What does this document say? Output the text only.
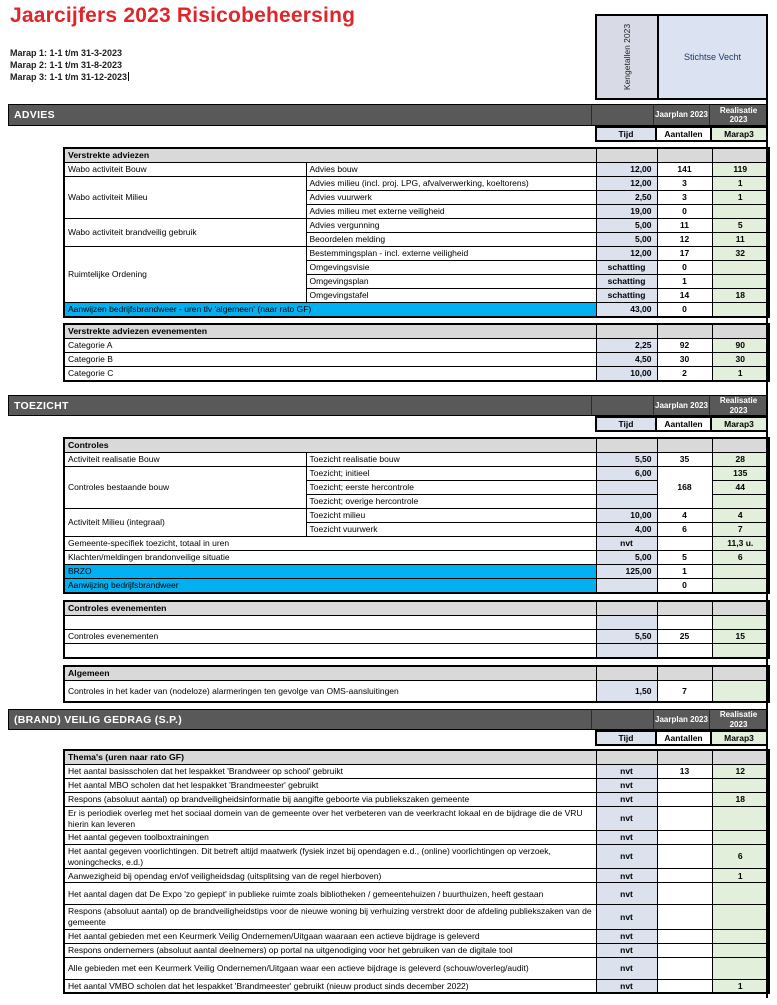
Jaarcijfers 2023 Risicobeheersing
Marap 1: 1-1 t/m 31-3-2023
Marap 2: 1-1 t/m 31-8-2023
Marap 3: 1-1 t/m 31-12-2023	Kengetallen 2023	Stichtse Vecht
ADVIES	Jaarplan 2023
Realisatie 2023
Tijd	Aantallen	Marap3
Verstrekte adviezen				
Wabo activiteit Bouw	Advies bouw	12,00	141	119
Wabo activiteit Milieu	Advies milieu (incl. proj. LPG, afvalverwerking, koeltorens)	12,00	3	1
	Advies vuurwerk	2,50	3	1
	Advies milieu met externe veiligheid	19,00	0	
Wabo activiteit brandveilig gebruik	Advies vergunning	5,00	11	5
	Beoordelen melding	5,00	12	11
Ruimtelijke Ordening	Bestemmingsplan - incl. externe veiligheid	12,00	17	32
	Omgevingsvisie	schatting	0	
	Omgevingsplan	schatting	1	
	Omgevingstafel	schatting	14	18
Aanwijzen bedrijfsbrandweer - uren tlv 'algemeen' (naar rato GF)		43,00	0	
Verstrekte adviezen evenementen			
Categorie A	2,25	92	90
Categorie B	4,50	30	30
Categorie C	10,00	2	1
TOEZICHT	Jaarplan 2023
Realisatie 2023
Tijd	Aantallen	Marap3
Controles				
Activiteit realisatie Bouw	Toezicht realisatie bouw	5,50	35	28
Controles bestaande bouw	Toezicht; initieel	6,00	168	135
	Toezicht; eerste hercontrole			44
	Toezicht; overige hercontrole			
Activiteit Milieu (integraal)	Toezicht milieu	10,00	4	4
	Toezicht vuurwerk	4,00	6	7
Gemeente-specifiek toezicht, totaal in uren		nvt		11,3 u.
Klachten/meldingen brandonveilige situatie		5,00	5	6
BRZO		125,00	1	
Aanwijzing bedrijfsbrandweer			0	
Controles evenementen			

Controles evenementen	5,50	25	15

Algemeen			
Controles in het kader van (nodeloze) alarmeringen ten gevolge van OMS-aansluitingen	1,50	7	
(BRAND) VEILIG GEDRAG (S.P.)	Jaarplan 2023
Realisatie 2023
Tijd	Aantallen	Marap3
Thema's (uren naar rato GF)			
Het aantal basisscholen dat het lespakket 'Brandweer op school' gebruikt	nvt	13	12
Het aantal MBO scholen dat het lespakket 'Brandmeester' gebruikt	nvt		
Respons (absoluut aantal) op brandveiligheidsinformatie bij aangifte geboorte via publiekszaken gemeente	nvt		18
Er is periodiek overleg met het sociaal domein van de gemeente over het verbeteren van de veerkracht lokaal en de bijdrage die de VRU hierin kan leveren	nvt		
Het aantal gegeven toolboxtrainingen	nvt		
Het aantal gegeven voorlichtingen. Dit betreft altijd maatwerk (fysiek inzet bij opendagen e.d., (online) voorlichtingen op verzoek, woningchecks, e.d.)	nvt		6
Aanwezigheid bij opendag en/of veiligheidsdag (uitsplitsing van de regel hierboven)	nvt		1
Het aantal dagen dat De Expo 'zo gepiept' in publieke ruimte zoals bibliotheken / gemeentehuizen / buurthuizen, heeft gestaan	nvt		
Respons (absoluut aantal) op de brandveiligheidstips voor de nieuwe woning bij verhuizing verstrekt door de afdeling publiekszaken van de gemeente	nvt		
Het aantal gebieden met een Keurmerk Veilig Ondernemen/Uitgaan waaraan een actieve bijdrage is geleverd	nvt		
Respons ondernemers (absoluut aantal deelnemers) op portal na uitgenodiging voor het gebruiken van de digitale tool	nvt		
Alle gebieden met een Keurmerk Veilig Ondernemen/Uitgaan waar een actieve bijdrage is geleverd (schouw/overleg/audit)	nvt		
Het aantal VMBO scholen dat het lespakket 'Brandmeester' gebruikt (nieuw product sinds december 2022)	nvt		1
